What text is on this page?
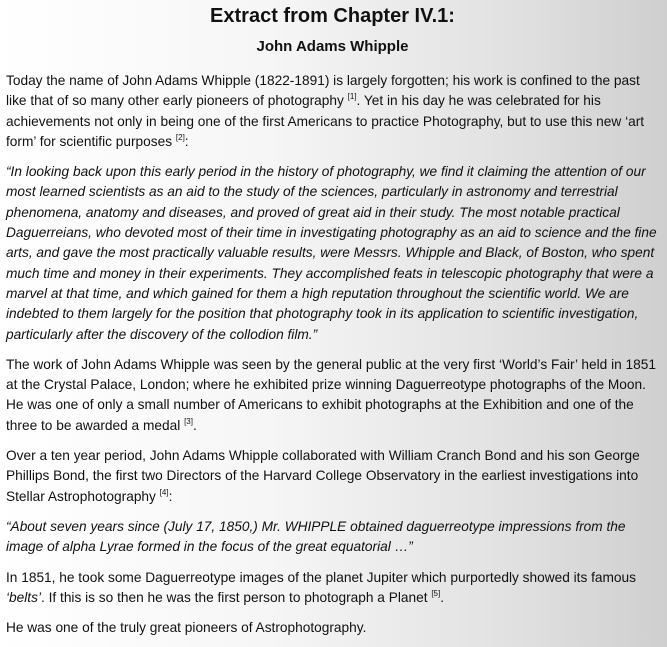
Extract from Chapter IV.1:
John Adams Whipple

Today the name of John Adams Whipple (1822-1891) is largely forgotten; his work is confined to the past like that of so many other early pioneers of photography [1]. Yet in his day he was celebrated for his achievements not only in being one of the first Americans to practice Photography, but to use this new ‘art form’ for scientific purposes [2]:

“In looking back upon this early period in the history of photography, we find it claiming the attention of our most learned scientists as an aid to the study of the sciences, particularly in astronomy and terrestrial phenomena, anatomy and diseases, and proved of great aid in their study. The most notable practical Daguerreians, who devoted most of their time in investigating photography as an aid to science and the fine arts, and gave the most practically valuable results, were Messrs. Whipple and Black, of Boston, who spent much time and money in their experiments. They accomplished feats in telescopic photography that were a marvel at that time, and which gained for them a high reputation throughout the scientific world. We are indebted to them largely for the position that photography took in its application to scientific investigation, particularly after the discovery of the collodion film.”

The work of John Adams Whipple was seen by the general public at the very first ‘World’s Fair’ held in 1851 at the Crystal Palace, London; where he exhibited prize winning Daguerreotype photographs of the Moon. He was one of only a small number of Americans to exhibit photographs at the Exhibition and one of the three to be awarded a medal [3].

Over a ten year period, John Adams Whipple collaborated with William Cranch Bond and his son George Phillips Bond, the first two Directors of the Harvard College Observatory in the earliest investigations into Stellar Astrophotography [4]:

“About seven years since (July 17, 1850,) Mr. WHIPPLE obtained daguerreotype impressions from the image of alpha Lyrae formed in the focus of the great equatorial …”

In 1851, he took some Daguerreotype images of the planet Jupiter which purportedly showed its famous ‘belts’. If this is so then he was the first person to photograph a Planet [5].

He was one of the truly great pioneers of Astrophotography.
